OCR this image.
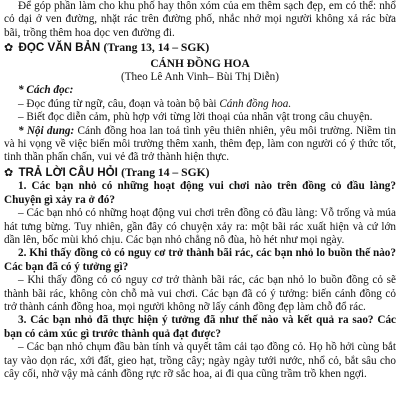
Để góp phần làm cho khu phố hay thôn xóm của em thêm sạch đẹp, em có thể: nhổ cỏ dại ở ven đường, nhặt rác trên đường phố, nhắc nhở mọi người không xả rác bừa bãi, trồng thêm hoa dọc ven đường đi.

✿ ĐỌC VĂN BẢN (Trang 13, 14 – SGK)
CÁNH ĐỒNG HOA
(Theo Lê Anh Vinh– Bùi Thị Diễn)

* Cách đọc:

– Đọc đúng từ ngữ, câu, đoạn và toàn bộ bài Cánh đồng hoa.

– Biết đọc diễn cảm, phù hợp với từng lời thoại của nhân vật trong câu chuyện.

* Nội dung: Cánh đồng hoa lan toả tình yêu thiên nhiên, yêu môi trường. Niềm tin và hi vọng về việc biến môi trường thêm xanh, thêm đẹp, làm con người có ý thức tốt, tinh thần phấn chấn, vui vẻ đã trở thành hiện thực.

✿ TRẢ LỜI CÂU HỎI (Trang 14 – SGK)

1. Các bạn nhỏ có những hoạt động vui chơi nào trên đồng cỏ đầu làng? Chuyện gì xảy ra ở đó?

– Các bạn nhỏ có những hoạt động vui chơi trên đồng cỏ đầu làng: Vỗ trống và múa hát tưng bừng. Tuy nhiên, gần đây có chuyện xảy ra: một bãi rác xuất hiện và cứ lớn dần lên, bốc mùi khó chịu. Các bạn nhỏ chẳng nô đùa, hò hét như mọi ngày.

2. Khi thấy đồng cỏ có nguy cơ trở thành bãi rác, các bạn nhỏ lo buồn thế nào? Các bạn đã có ý tưởng gì?

– Khi thấy đồng cỏ có nguy cơ trở thành bãi rác, các bạn nhỏ lo buồn đồng cỏ sẽ thành bãi rác, không còn chỗ mà vui chơi. Các bạn đã có ý tưởng: biến cánh đồng cỏ trở thành cánh đồng hoa, mọi người không nỡ lấy cánh đồng đẹp làm chỗ đổ rác.

3. Các bạn nhỏ đã thực hiện ý tưởng đã như thế nào và kết quả ra sao? Các bạn có cảm xúc gì trước thành quả đạt được?

– Các bạn nhỏ chụm đầu bàn tính và quyết tâm cải tạo đồng cỏ. Họ hồ hởi cùng bắt tay vào dọn rác, xới đất, gieo hạt, trồng cây; ngày ngày tưới nước, nhổ cỏ, bắt sâu cho cây cối, nhờ vậy mà cánh đồng rực rỡ sắc hoa, ai đi qua cũng trầm trồ khen ngợi.
